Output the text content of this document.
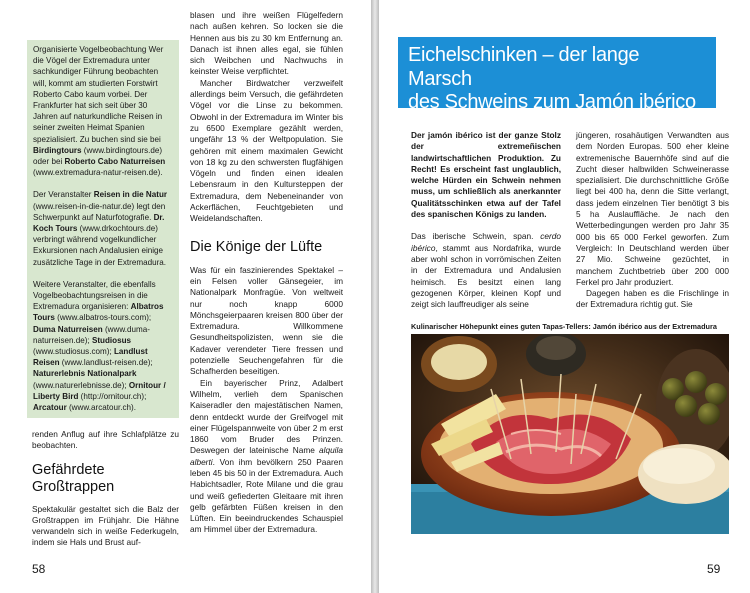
Organisierte Vogelbeobachtung Wer die Vögel der Extremadura unter sachkundiger Führung beobachten will, kommt am studierten Forstwirt Roberto Cabo kaum vorbei. Der Frankfurter hat sich seit über 30 Jahren auf naturkundliche Reisen in seiner zweiten Heimat Spanien spezialisiert. Zu buchen sind sie bei Birdingtours (www.birdingtours.de) oder bei Roberto Cabo Naturreisen (www.extremadura-natur-reisen.de).

Der Veranstalter Reisen in die Natur (www.reisen-in-die-natur.de) legt den Schwerpunkt auf Naturfotografie. Dr. Koch Tours (www.drkochtours.de) verbringt während vogelkundlicher Exkursionen nach Andalusien einige zusätzliche Tage in der Extremadura.

Weitere Veranstalter, die ebenfalls Vogelbeobachtungsreisen in die Extremadura organisieren: Albatros Tours (www.albatros-tours.com); Duma Naturreisen (www.duma-naturreisen.de); Studiosus (www.studiosus.com); Landlust Reisen (www.landlust-reisen.de); Naturerlebnis Nationalpark (www.naturerlebnisse.de); Ornitour / Liberty Bird (http://ornitour.ch); Arcatour (www.arcatour.ch).

renden Anflug auf ihre Schlafplätze zu beobachten.

Gefährdete Großtrappen

Spektakulär gestaltet sich die Balz der Großtrappen im Frühjahr. Die Hähne verwandeln sich in weiße Federkugeln, indem sie Hals und Brust auf-

blasen und ihre weißen Flügelfedern nach außen kehren. So locken sie die Hennen aus bis zu 30 km Entfernung an. Danach ist ihnen alles egal, sie fühlen sich Weibchen und Nachwuchs in keinster Weise verpflichtet.

Mancher Birdwatcher verzweifelt allerdings beim Versuch, die gefährdeten Vögel vor die Linse zu bekommen. Obwohl in der Extremadura im Winter bis zu 6500 Exemplare gezählt werden, ungefähr 13 % der Weltpopulation. Sie gehören mit einem maximalen Gewicht von 18 kg zu den schwersten flugfähigen Vögeln und finden einen idealen Lebensraum in den Kultursteppen der Extremadura, dem Nebeneinander von Ackerflächen, Feuchtgebieten und Weidelandschaften.

Die Könige der Lüfte

Was für ein faszinierendes Spektakel – ein Felsen voller Gänsegeier, im Nationalpark Monfragüe. Von weltweit nur noch knapp 6000 Mönchsgeierpaaren kreisen 800 über der Extremadura. Willkommene Gesundheitspolizisten, wenn sie die Kadaver verendeter Tiere fressen und potenzielle Seuchengefahren für die Schafherden beseitigen.

Ein bayerischer Prinz, Adalbert Wilhelm, verlieh dem Spanischen Kaiseradler den majestätischen Namen, denn entdeckt wurde der Greifvogel mit einer Flügelspannweite von über 2 m erst 1860 vom Bruder des Prinzen. Deswegen der lateinische Name alquila alberti. Von ihm bevölkern 250 Paaren leben 45 bis 50 in der Extremadura. Auch Habichtsadler, Rote Milane und die grau und weiß gefiederten Gleitaare mit ihren gelb gefärbten Füßen kreisen in den Lüften. Ein beeindruckendes Schauspiel am Himmel über der Extremadura.

58
Eichelschinken – der lange Marsch
des Schweins zum Jamón ibérico

Der jamón ibérico ist der ganze Stolz der extremeñischen landwirtschaftlichen Produktion. Zu Recht! Es erscheint fast unglaublich, welche Hürden ein Schwein nehmen muss, um schließlich als anerkannter Qualitätsschinken etwa auf der Tafel des spanischen Königs zu landen.

Das iberische Schwein, span. cerdo ibérico, stammt aus Nordafrika, wurde aber wohl schon in vorrömischen Zeiten in der Extremadura und Andalusien heimisch. Es besitzt einen lang gezogenen Körper, kleinen Kopf und zeigt sich lauffreudiger als seine

jüngeren, rosahäutigen Verwandten aus dem Norden Europas. 500 eher kleine extremenische Bauernhöfe sind auf die Zucht dieser halbwilden Schweinerasse spezialisiert. Die durchschnittliche Größe liegt bei 400 ha, denn die Sitte verlangt, dass jedem einzelnen Tier benötigt 3 bis 5 ha Auslauffläche. Je nach den Wetterbedingungen werden pro Jahr 35 000 bis 65 000 Ferkel geworfen. Zum Vergleich: In Deutschland werden über 27 Mio. Schweine gezüchtet, in manchem Zuchtbetrieb über 200 000 Ferkel pro Jahr produziert.

Dagegen haben es die Frischlinge in der Extremadura richtig gut. Sie

Kulinarischer Höhepunkt eines guten Tapas-Tellers: Jamón ibérico aus der Extremadura
59
